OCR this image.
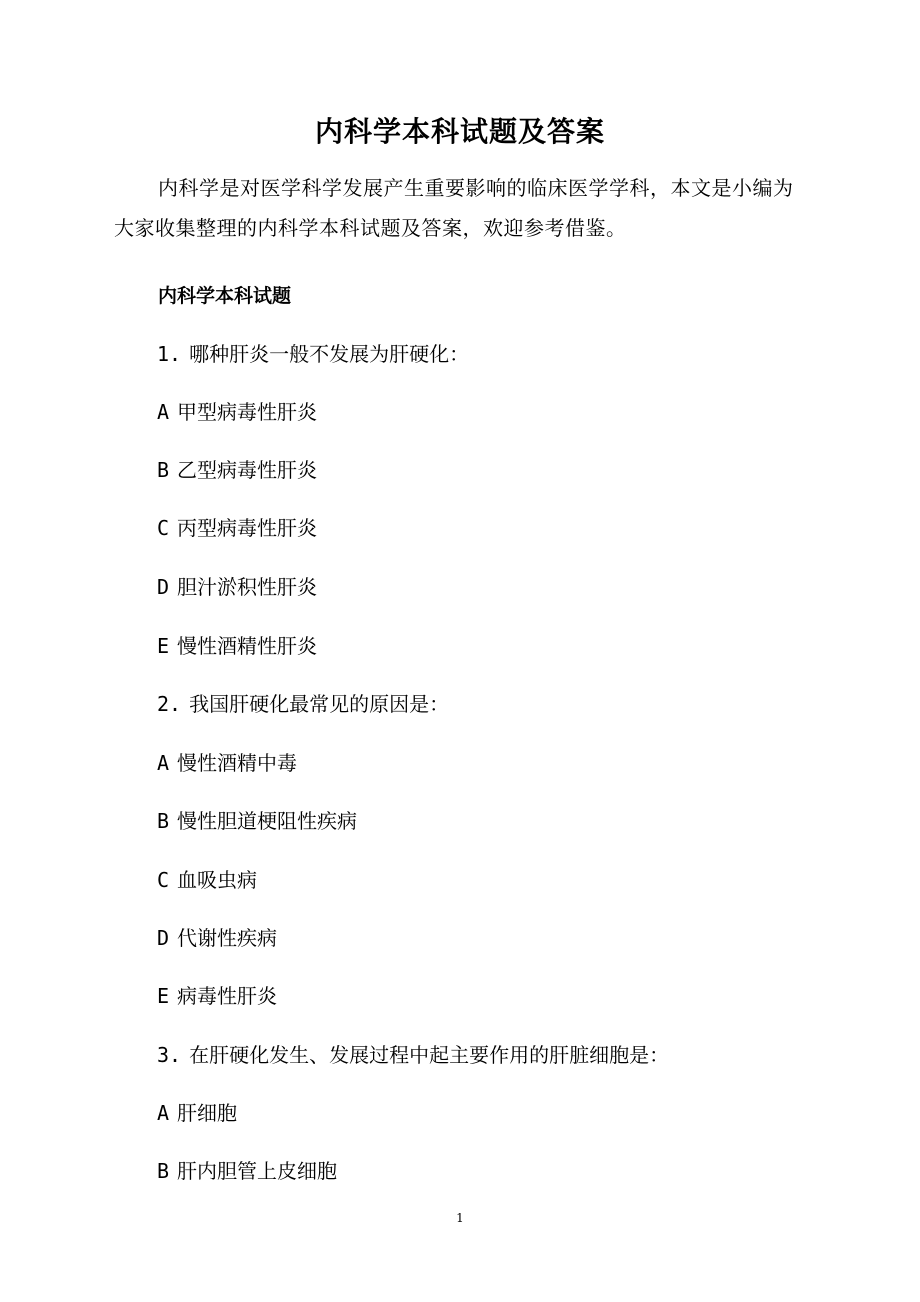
内科学本科试题及答案

内科学是对医学科学发展产生重要影响的临床医学学科，本文是小编为大家收集整理的内科学本科试题及答案，欢迎参考借鉴。

内科学本科试题
1. 哪种肝炎一般不发展为肝硬化：
A 甲型病毒性肝炎
B 乙型病毒性肝炎
C 丙型病毒性肝炎
D 胆汁淤积性肝炎
E 慢性酒精性肝炎
2. 我国肝硬化最常见的原因是：
A 慢性酒精中毒
B 慢性胆道梗阻性疾病
C 血吸虫病
D 代谢性疾病
E 病毒性肝炎
3. 在肝硬化发生、发展过程中起主要作用的肝脏细胞是：
A 肝细胞
B 肝内胆管上皮细胞
1
